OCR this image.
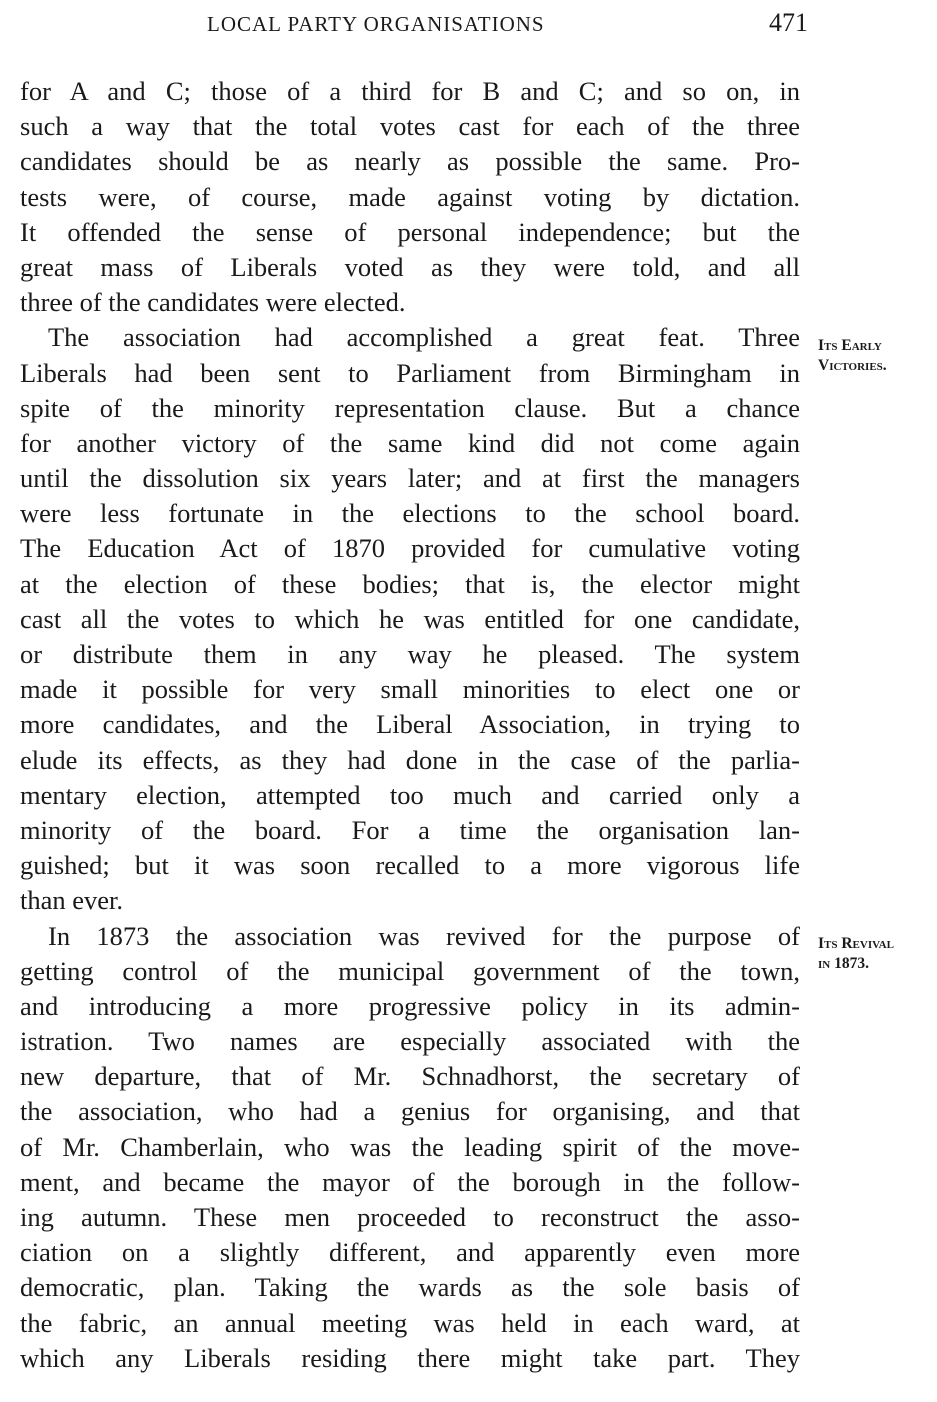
LOCAL PARTY ORGANISATIONS	471
for A and C; those of a third for B and C; and so on, in
such a way that the total votes cast for each of the three
candidates should be as nearly as possible the same. Pro-
tests were, of course, made against voting by dictation.
It offended the sense of personal independence; but the
great mass of Liberals voted as they were told, and all
three of the candidates were elected.
The association had accomplished a great feat. Three
Liberals had been sent to Parliament from Birmingham in
spite of the minority representation clause. But a chance
for another victory of the same kind did not come again
until the dissolution six years later; and at first the managers
were less fortunate in the elections to the school board.
The Education Act of 1870 provided for cumulative voting
at the election of these bodies; that is, the elector might
cast all the votes to which he was entitled for one candidate,
or distribute them in any way he pleased. The system
made it possible for very small minorities to elect one or
more candidates, and the Liberal Association, in trying to
elude its effects, as they had done in the case of the parlia-
mentary election, attempted too much and carried only a
minority of the board. For a time the organisation lan-
guished; but it was soon recalled to a more vigorous life
than ever.
In 1873 the association was revived for the purpose of
getting control of the municipal government of the town,
and introducing a more progressive policy in its admin-
istration. Two names are especially associated with the
new departure, that of Mr. Schnadhorst, the secretary of
the association, who had a genius for organising, and that
of Mr. Chamberlain, who was the leading spirit of the move-
ment, and became the mayor of the borough in the follow-
ing autumn. These men proceeded to reconstruct the asso-
ciation on a slightly different, and apparently even more
democratic, plan. Taking the wards as the sole basis of
the fabric, an annual meeting was held in each ward, at
which any Liberals residing there might take part. They
Its Early
Victories.
Its Revival
in 1873.
